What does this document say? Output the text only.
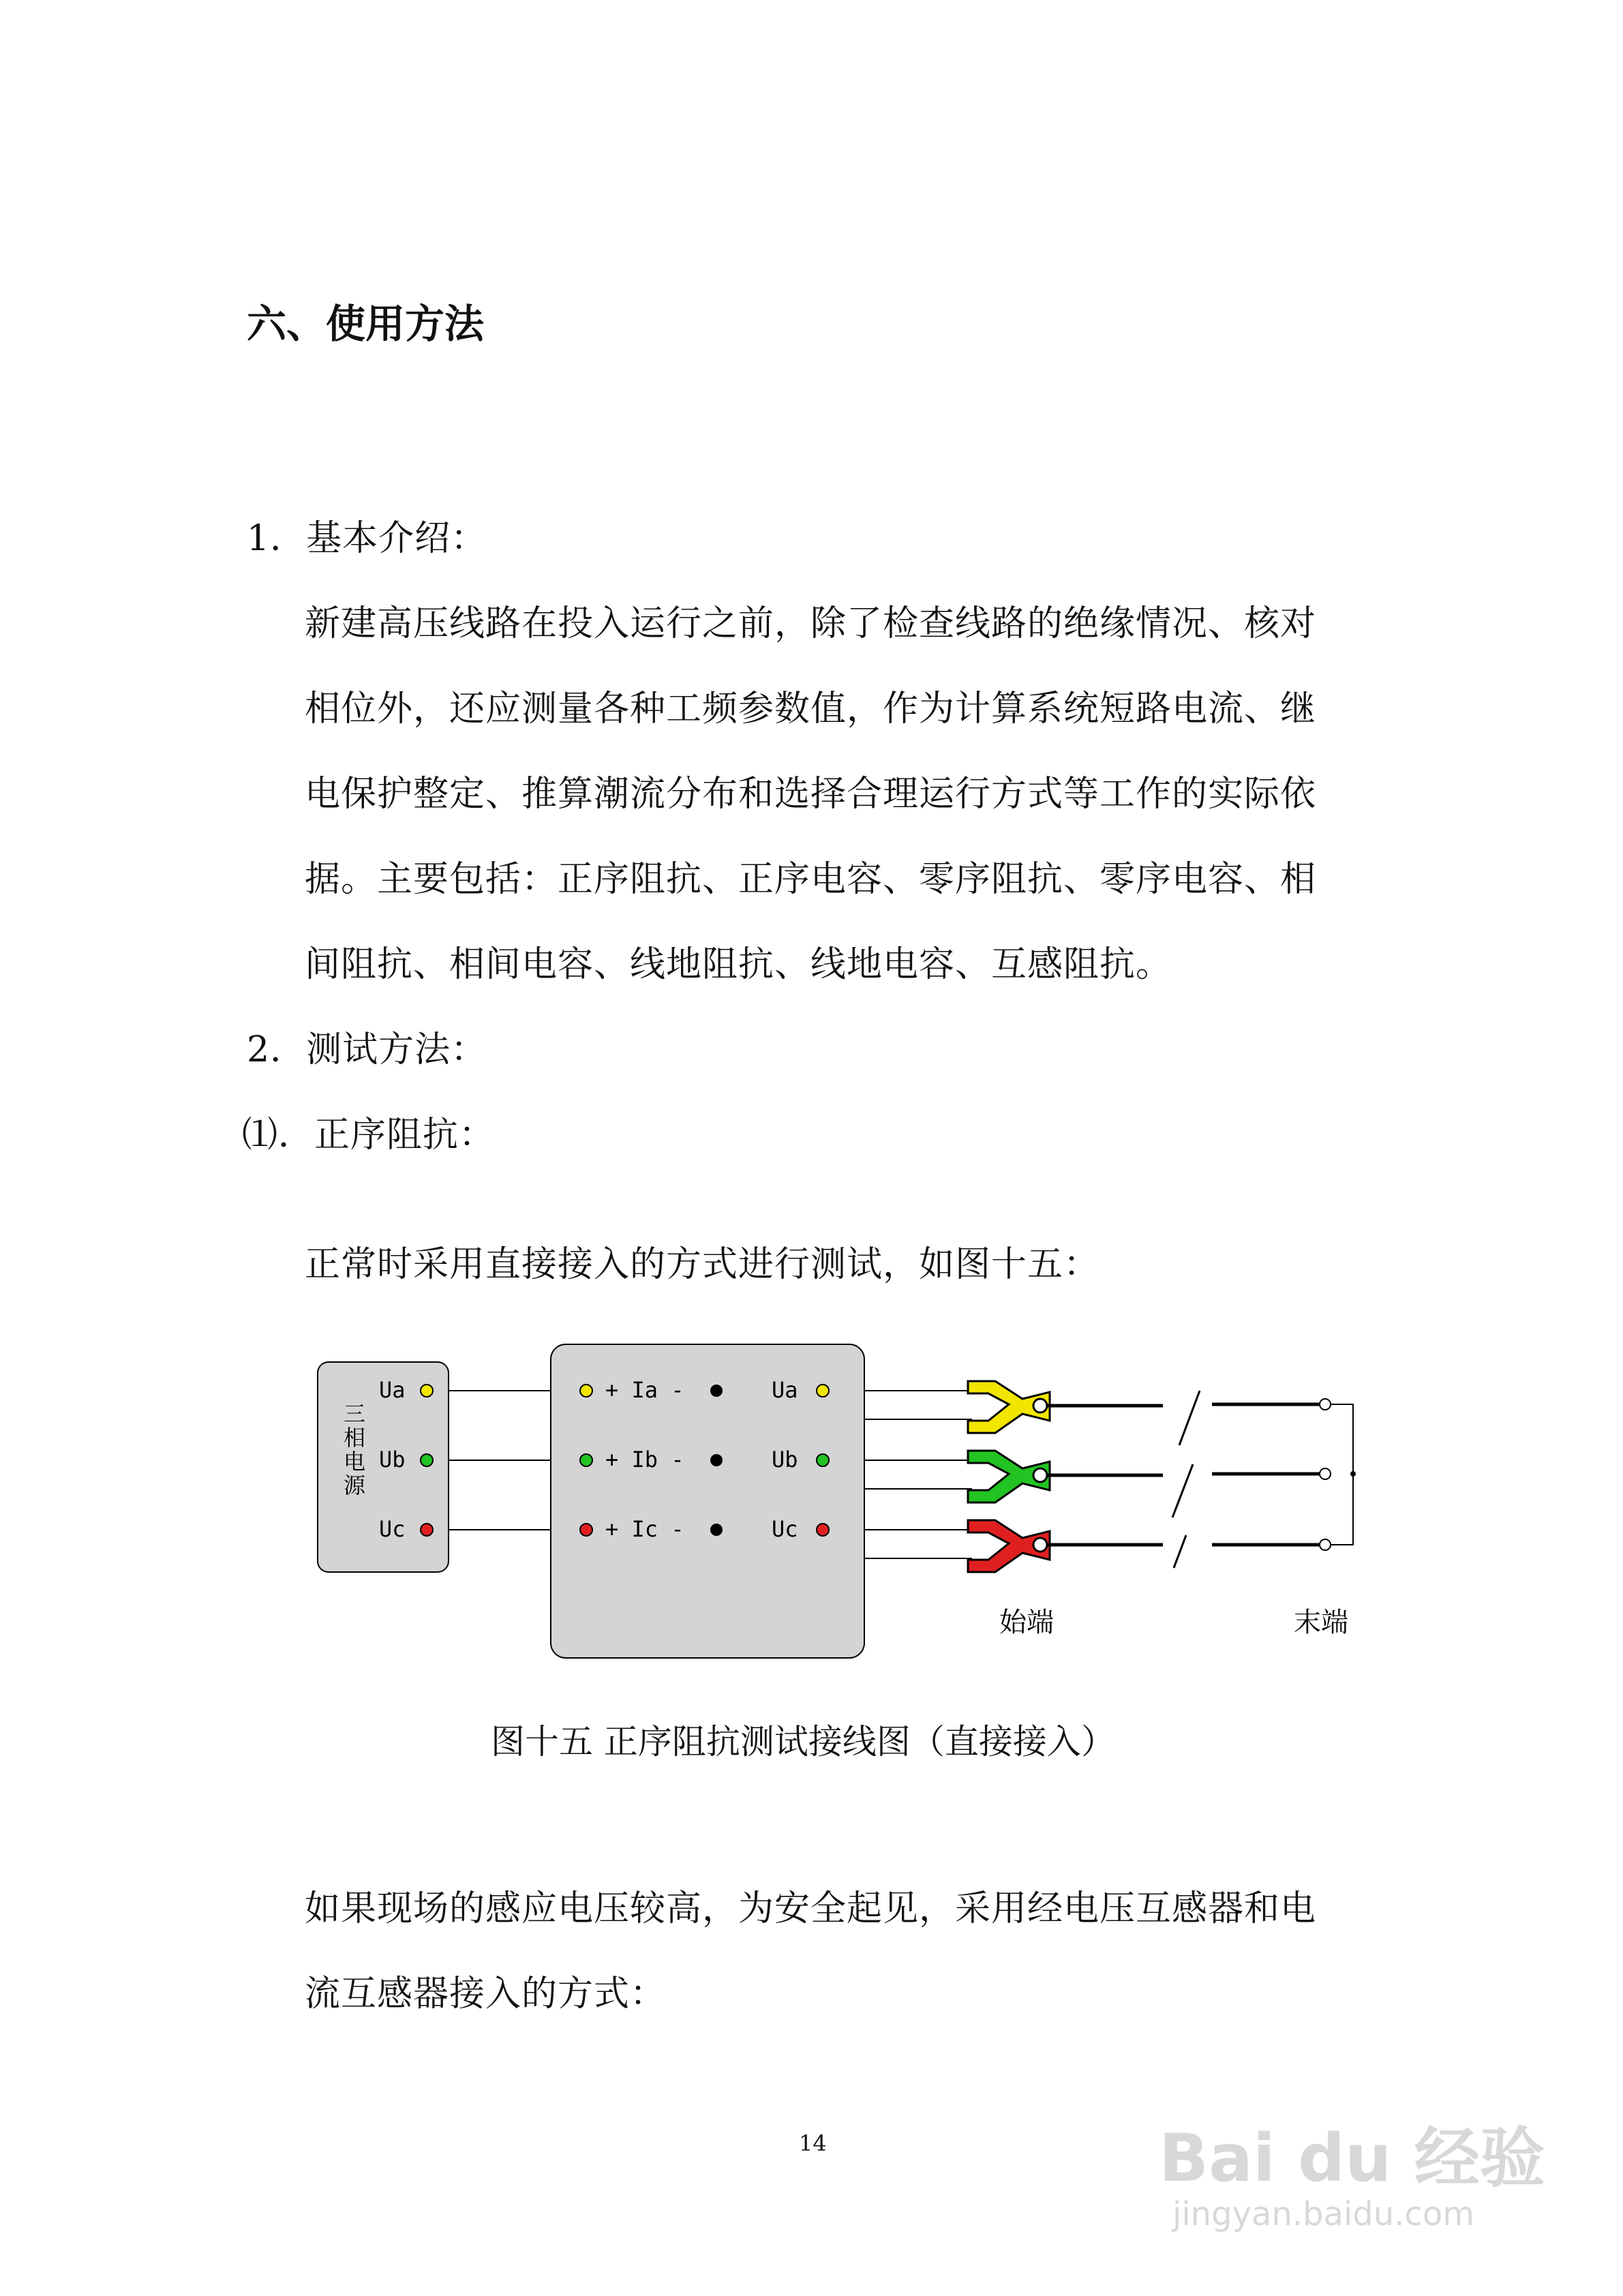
六、使用方法
1．基本介绍：
新建高压线路在投入运行之前，除了检查线路的绝缘情况、核对
相位外，还应测量各种工频参数值，作为计算系统短路电流、继
电保护整定、推算潮流分布和选择合理运行方式等工作的实际依
据。主要包括：正序阻抗、正序电容、零序阻抗、零序电容、相
间阻抗、相间电容、线地阻抗、线地电容、互感阻抗。
2．测试方法：
⑴．正序阻抗：
正常时采用直接接入的方式进行测试，如图十五：
三
相
电
源
Ua
Ub
Uc
+ Ia -
+ Ib -
+ Ic -
Ua
Ub
Uc
始端	末端
图十五 正序阻抗测试接线图（直接接入）
如果现场的感应电压较高，为安全起见，采用经电压互感器和电
流互感器接入的方式：
14	Bai du 经验
jingyan.baidu.com
